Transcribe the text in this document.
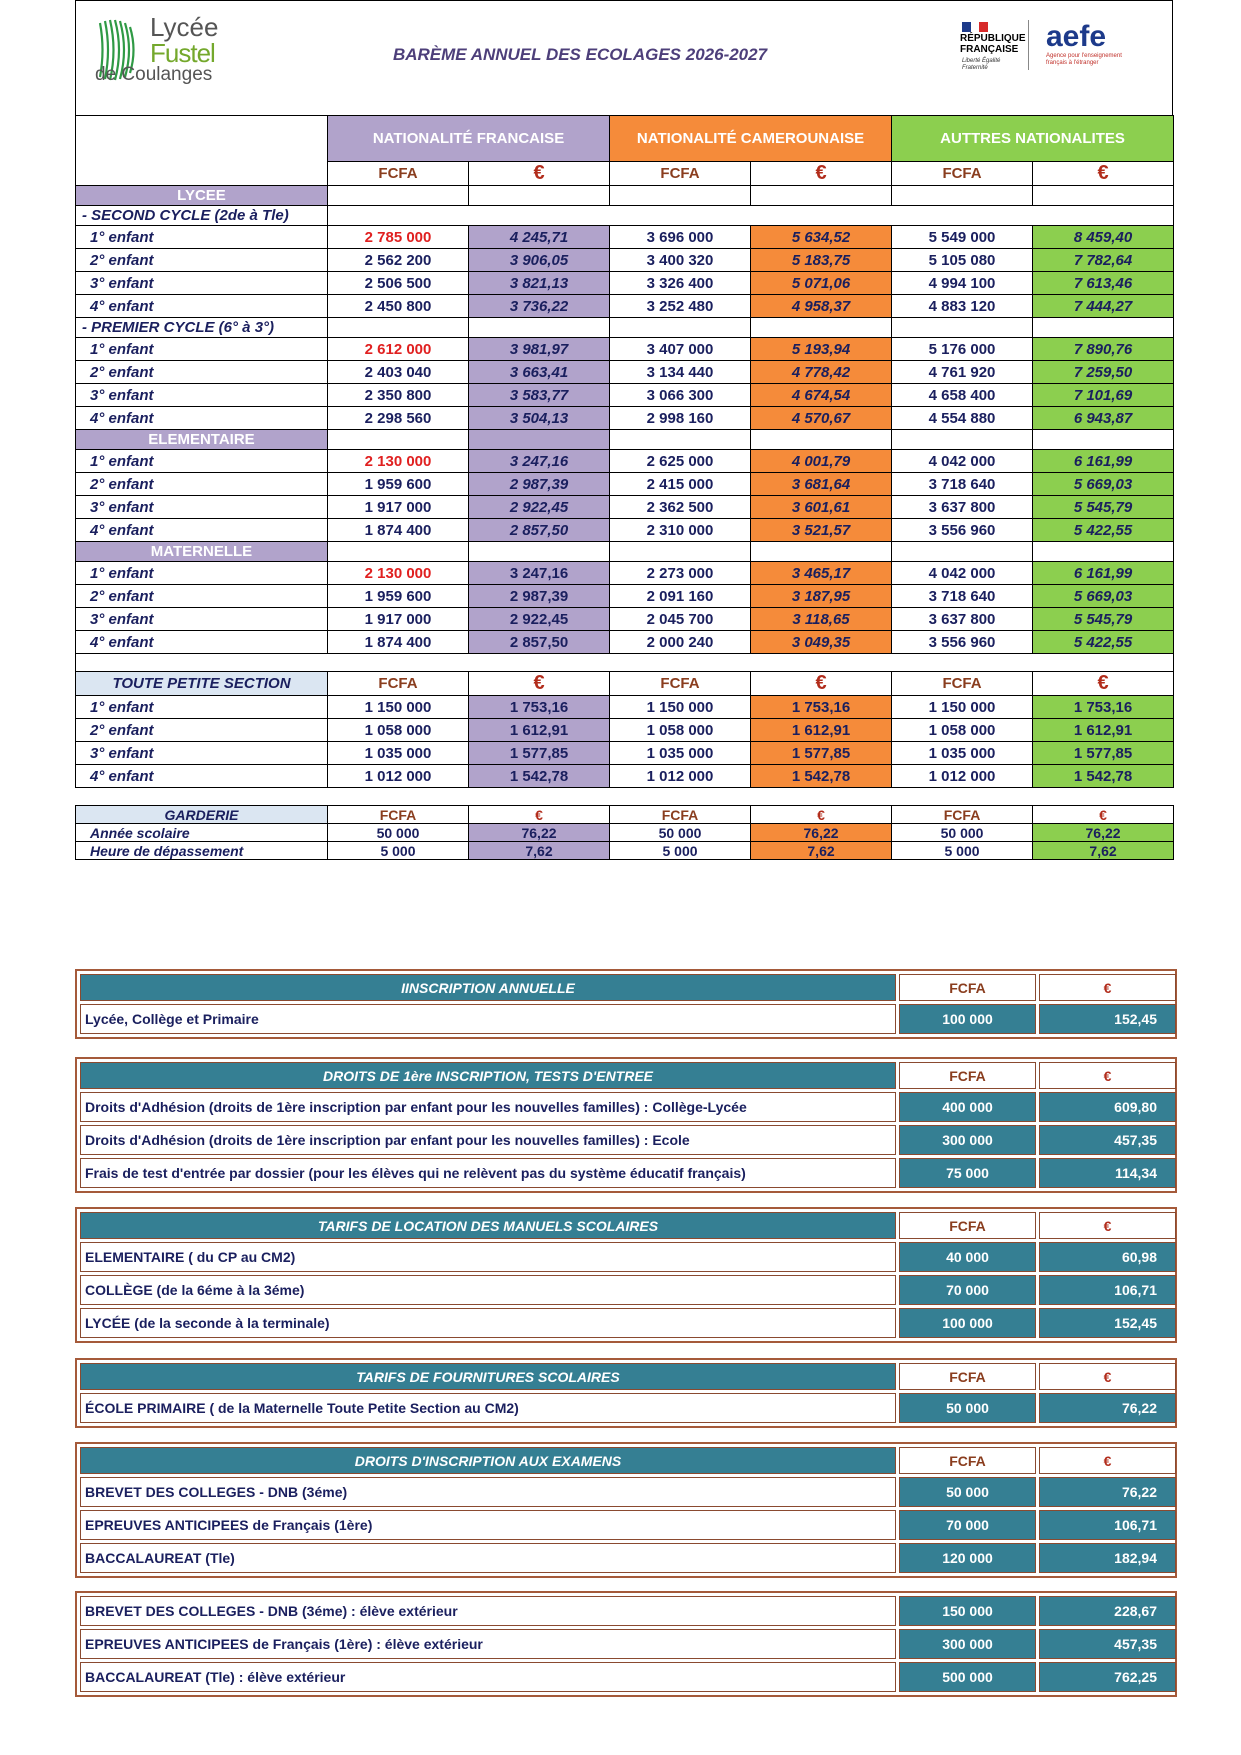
Lycée
Fustel
de Coulanges
BARÈME ANNUEL DES ECOLAGES 2026-2027
RÉPUBLIQUE
FRANÇAISE
Liberté Égalité Fraternité
aefe
Agence pour l'enseignement français à l'étranger
	NATIONALITÉ FRANCAISE		NATIONALITÉ CAMEROUNAISE		AUTTRES NATIONALITES	
	FCFA	€	FCFA	€	FCFA	€
LYCEE						
- SECOND CYCLE (2de à Tle)						
1° enfant	2 785 000	4 245,71	3 696 000	5 634,52	5 549 000	8 459,40
2° enfant	2 562 200	3 906,05	3 400 320	5 183,75	5 105 080	7 782,64
3° enfant	2 506 500	3 821,13	3 326 400	5 071,06	4 994 100	7 613,46
4° enfant	2 450 800	3 736,22	3 252 480	4 958,37	4 883 120	7 444,27
- PREMIER CYCLE (6° à 3°)						
1° enfant	2 612 000	3 981,97	3 407 000	5 193,94	5 176 000	7 890,76
2° enfant	2 403 040	3 663,41	3 134 440	4 778,42	4 761 920	7 259,50
3° enfant	2 350 800	3 583,77	3 066 300	4 674,54	4 658 400	7 101,69
4° enfant	2 298 560	3 504,13	2 998 160	4 570,67	4 554 880	6 943,87
ELEMENTAIRE						
1° enfant	2 130 000	3 247,16	2 625 000	4 001,79	4 042 000	6 161,99
2° enfant	1 959 600	2 987,39	2 415 000	3 681,64	3 718 640	5 669,03
3° enfant	1 917 000	2 922,45	2 362 500	3 601,61	3 637 800	5 545,79
4° enfant	1 874 400	2 857,50	2 310 000	3 521,57	3 556 960	5 422,55
MATERNELLE						
1° enfant	2 130 000	3 247,16	2 273 000	3 465,17	4 042 000	6 161,99
2° enfant	1 959 600	2 987,39	2 091 160	3 187,95	3 718 640	5 669,03
3° enfant	1 917 000	2 922,45	2 045 700	3 118,65	3 637 800	5 545,79
4° enfant	1 874 400	2 857,50	2 000 240	3 049,35	3 556 960	5 422,55

TOUTE PETITE SECTION	FCFA	€	FCFA	€	FCFA	€
1° enfant	1 150 000	1 753,16	1 150 000	1 753,16	1 150 000	1 753,16
2° enfant	1 058 000	1 612,91	1 058 000	1 612,91	1 058 000	1 612,91
3° enfant	1 035 000	1 577,85	1 035 000	1 577,85	1 035 000	1 577,85
4° enfant	1 012 000	1 542,78	1 012 000	1 542,78	1 012 000	1 542,78

GARDERIE	FCFA	€	FCFA	€	FCFA	€
Année scolaire	50 000	76,22	50 000	76,22	50 000	76,22
Heure de dépassement	5 000	7,62	5 000	7,62	5 000	7,62
IINSCRIPTION ANNUELLE	FCFA	€
Lycée, Collège et Primaire	100 000	152,45
DROITS DE 1ère INSCRIPTION, TESTS D'ENTREE	FCFA	€
Droits d'Adhésion (droits de 1ère inscription par enfant pour les nouvelles familles) : Collège-Lycée	400 000	609,80
Droits d'Adhésion (droits de 1ère inscription par enfant pour les nouvelles familles) : Ecole	300 000	457,35
Frais de test d'entrée par dossier (pour les élèves qui ne relèvent pas du système éducatif français)	75 000	114,34
TARIFS DE LOCATION DES MANUELS SCOLAIRES	FCFA	€
ELEMENTAIRE ( du CP au CM2)	40 000	60,98
COLLÈGE (de la 6éme à la 3éme)	70 000	106,71
LYCÉE (de la seconde à la terminale)	100 000	152,45
TARIFS DE FOURNITURES SCOLAIRES	FCFA	€
ÉCOLE PRIMAIRE ( de la Maternelle Toute Petite Section au CM2)	50 000	76,22
DROITS D'INSCRIPTION AUX EXAMENS	FCFA	€
BREVET DES COLLEGES - DNB (3éme)	50 000	76,22
EPREUVES ANTICIPEES de Français (1ère)	70 000	106,71
BACCALAUREAT (Tle)	120 000	182,94
BREVET DES COLLEGES - DNB (3éme) : élève extérieur	150 000	228,67
EPREUVES ANTICIPEES de Français (1ère) : élève extérieur	300 000	457,35
BACCALAUREAT (Tle) : élève extérieur	500 000	762,25
